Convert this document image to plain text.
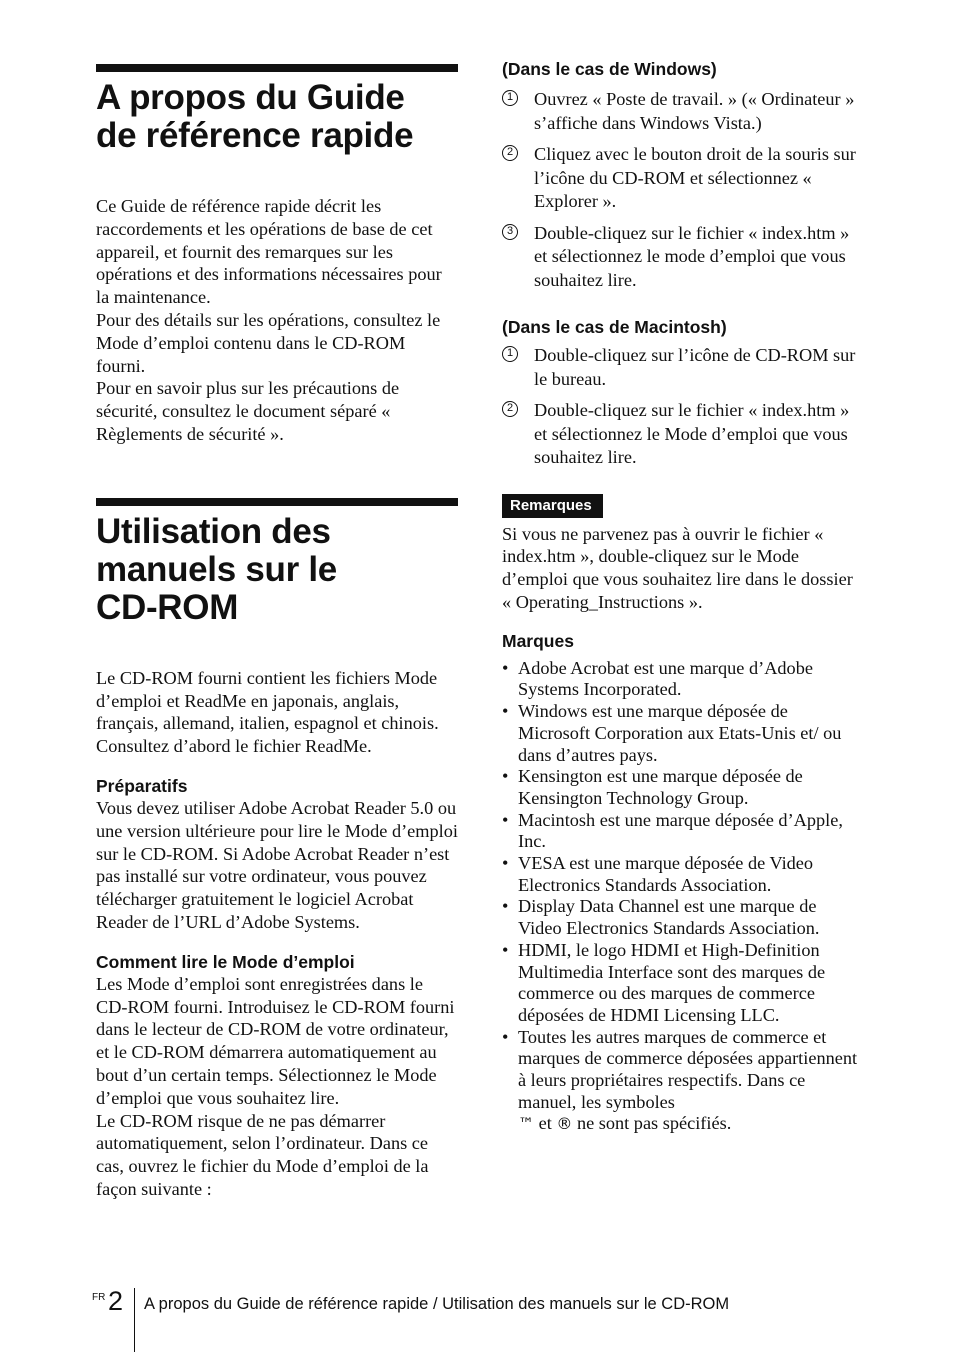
A propos du Guide
de référence rapide

Ce Guide de référence rapide décrit les raccordements et les opérations de base de cet appareil, et fournit des remarques sur les opérations et des informations nécessaires pour la maintenance.

Pour des détails sur les opérations, consultez le Mode d’emploi contenu dans le CD-ROM fourni.

Pour en savoir plus sur les précautions de sécurité, consultez le document séparé « Règlements de sécurité ».

Utilisation des
manuels sur le
CD-ROM

Le CD-ROM fourni contient les fichiers Mode d’emploi et ReadMe en japonais, anglais, français, allemand, italien, espagnol et chinois. Consultez d’abord le fichier ReadMe.

Préparatifs

Vous devez utiliser Adobe Acrobat Reader 5.0 ou une version ultérieure pour lire le Mode d’emploi sur le CD-ROM. Si Adobe Acrobat Reader n’est pas installé sur votre ordinateur, vous pouvez télécharger gratuitement le logiciel Acrobat Reader de l’URL d’Adobe Systems.

Comment lire le Mode d’emploi

Les Mode d’emploi sont enregistrées dans le CD-ROM fourni. Introduisez le CD-ROM fourni dans le lecteur de CD-ROM de votre ordinateur, et le CD-ROM démarrera automatiquement au bout d’un certain temps. Sélectionnez le Mode d’emploi que vous souhaitez lire.

Le CD-ROM risque de ne pas démarrer automatiquement, selon l’ordinateur. Dans ce cas, ouvrez le fichier du Mode d’emploi de la façon suivante :

(Dans le cas de Windows)
1 Ouvrez « Poste de travail. » (« Ordinateur » s’affiche dans Windows Vista.)
2 Cliquez avec le bouton droit de la souris sur l’icône du CD-ROM et sélectionnez « Explorer ».
3 Double-cliquez sur le fichier « index.htm » et sélectionnez le mode d’emploi que vous souhaitez lire.
(Dans le cas de Macintosh)
1 Double-cliquez sur l’icône de CD-ROM sur le bureau.
2 Double-cliquez sur le fichier « index.htm » et sélectionnez le Mode d’emploi que vous souhaitez lire.
Remarques

Si vous ne parvenez pas à ouvrir le fichier « index.htm », double-cliquez sur le Mode d’emploi que vous souhaitez lire dans le dossier « Operating_Instructions ».

Marques
• Adobe Acrobat est une marque d’Adobe Systems Incorporated.
• Windows est une marque déposée de Microsoft Corporation aux Etats-Unis et/ ou dans d’autres pays.
• Kensington est une marque déposée de Kensington Technology Group.
• Macintosh est une marque déposée d’Apple, Inc.
• VESA est une marque déposée de Video Electronics Standards Association.
• Display Data Channel est une marque de Video Electronics Standards Association.
• HDMI, le logo HDMI et High-Definition Multimedia Interface sont des marques de commerce ou des marques de commerce déposées de HDMI Licensing LLC.
• Toutes les autres marques de commerce et marques de commerce déposées appartiennent à leurs propriétaires respectifs. Dans ce manuel, les symboles
™ et ® ne sont pas spécifiés.
FR 2 A propos du Guide de référence rapide / Utilisation des manuels sur le CD-ROM
